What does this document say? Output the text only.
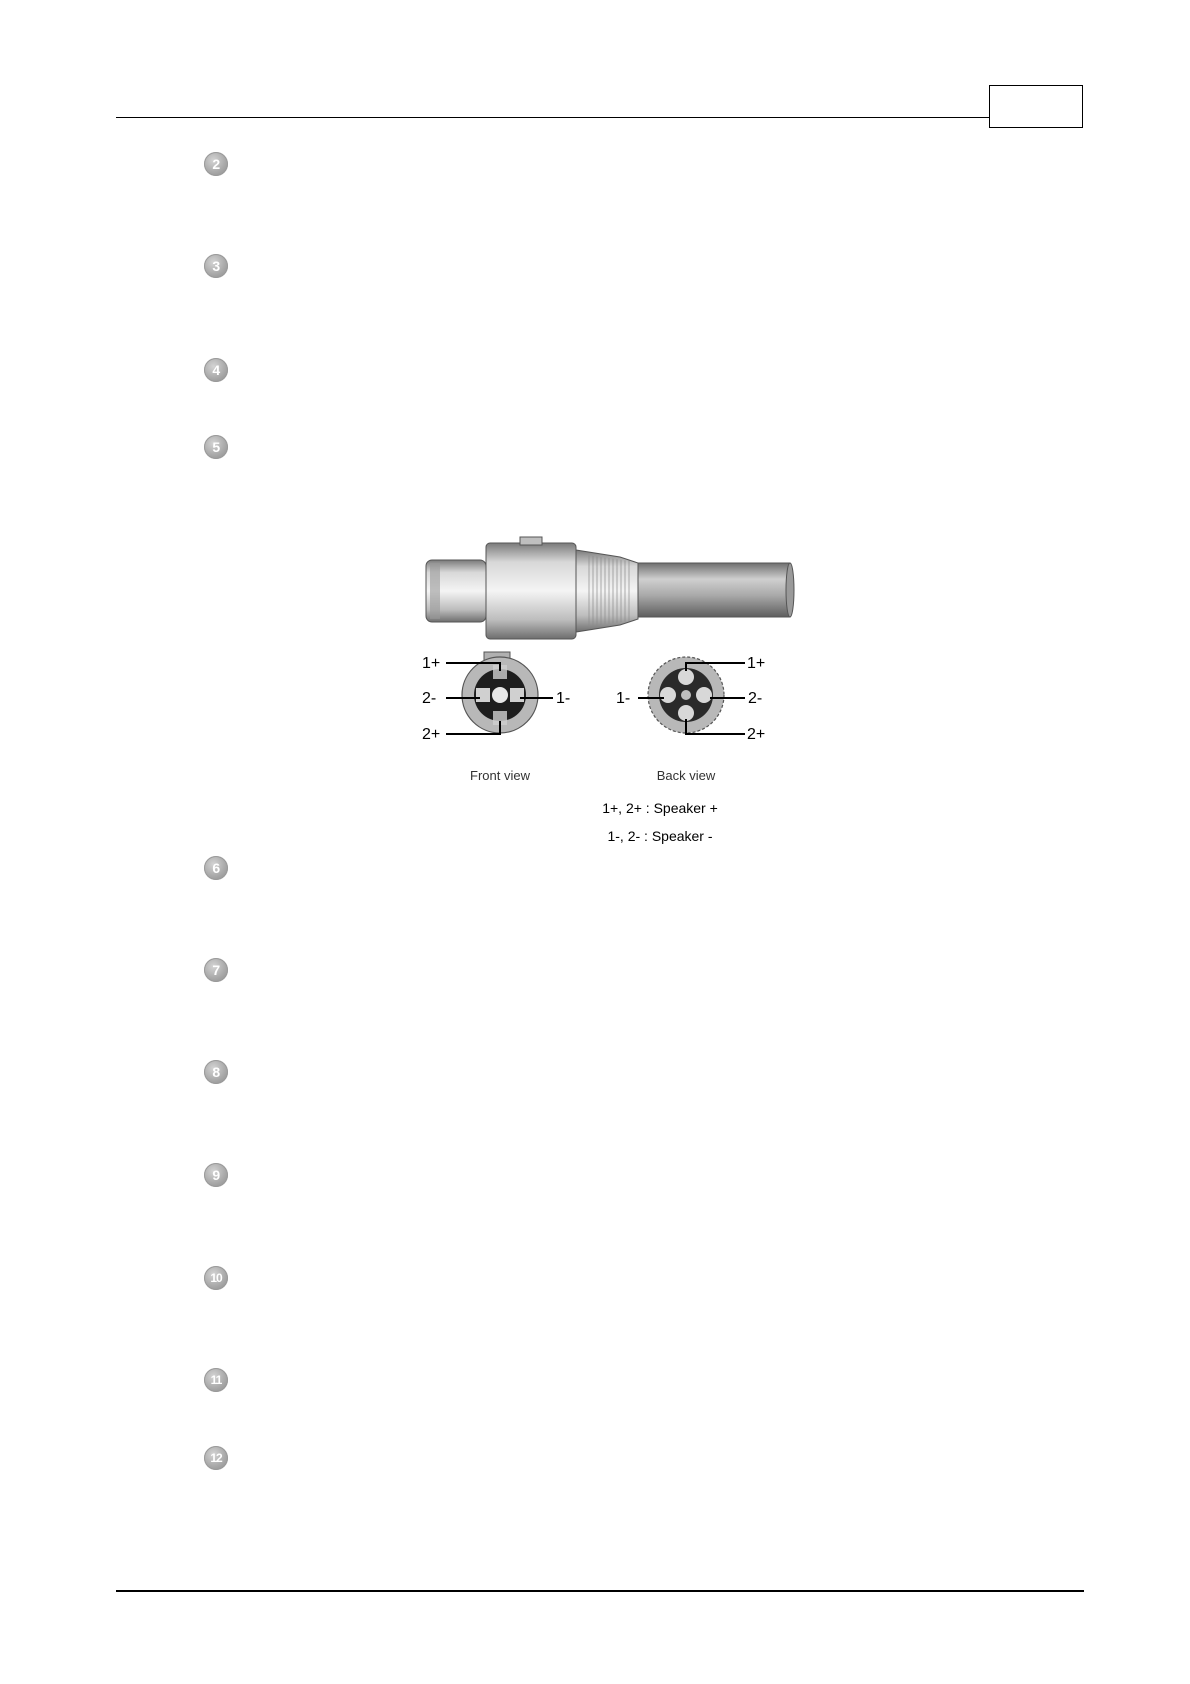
2
3
4
5
1+
2-	1-
2+
1+
1-	2-
2+
Front view	Back view
1+, 2+ : Speaker +
1-, 2- : Speaker -
6
7
8
9
10
11
12
